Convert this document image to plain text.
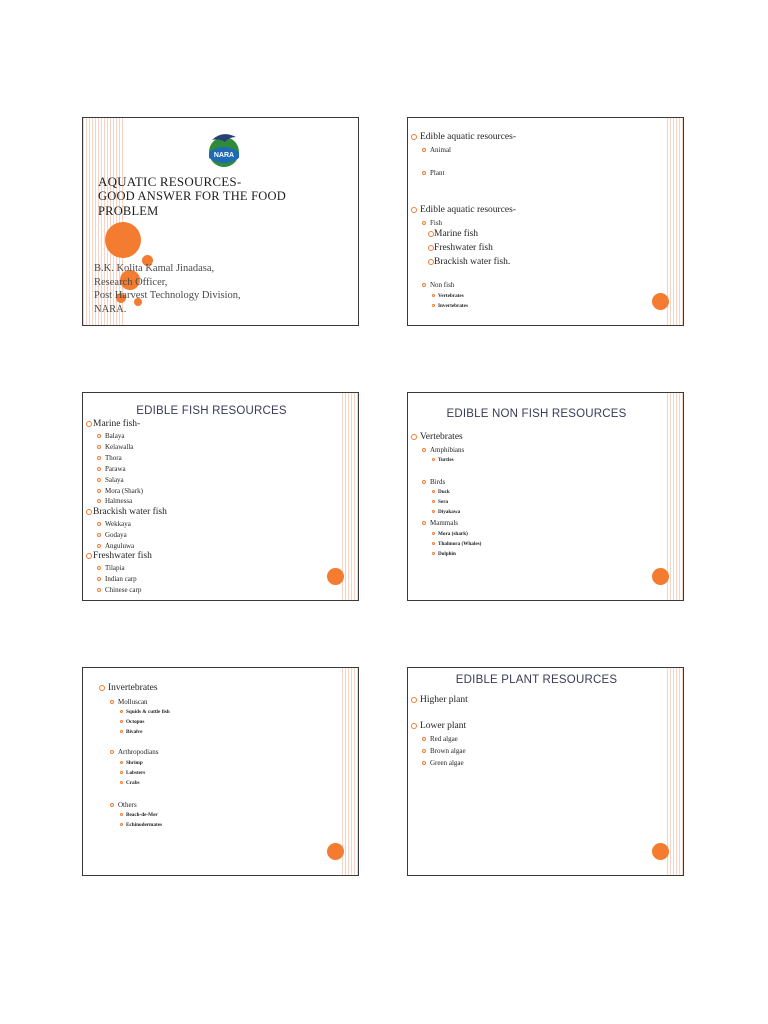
NARA
AQUATIC RESOURCES-
GOOD ANSWER FOR THE FOOD
PROBLEM
B.K. Kolita Kamal Jinadasa,
Research Officer,
Post Harvest Technology Division,
NARA.
Edible aquatic resources-
Animal
Plant
Edible aquatic resources-
Fish
Marine fish
Freshwater fish
Brackish water fish.
Non fish
Vertebrates
Invertebrates
EDIBLE FISH RESOURCES
Marine fish-
Balaya
Kelawalla
Thora
Parawa
Salaya
Mora (Shark)
Halmessa
Brackish water fish
Wekkaya
Godaya
Anguluwa
Freshwater fish
Tilapia
Indian carp
Chinese carp
EDIBLE NON FISH RESOURCES
Vertebrates
Amphibians
Turtles
Birds
Duck
Sera
Diyakawa
Mammals
Mora (shark)
Thalmora (Whales)
Dolphin
Invertebrates
Molluscan
Squids & cuttle fish
Octopus
Bivalve
Arthropodians
Shrimp
Lobsters
Crabs
Others
Beach-de-Mer
Echinodermates
EDIBLE PLANT RESOURCES
Higher plant
Lower plant
Red algae
Brown algae
Green algae
